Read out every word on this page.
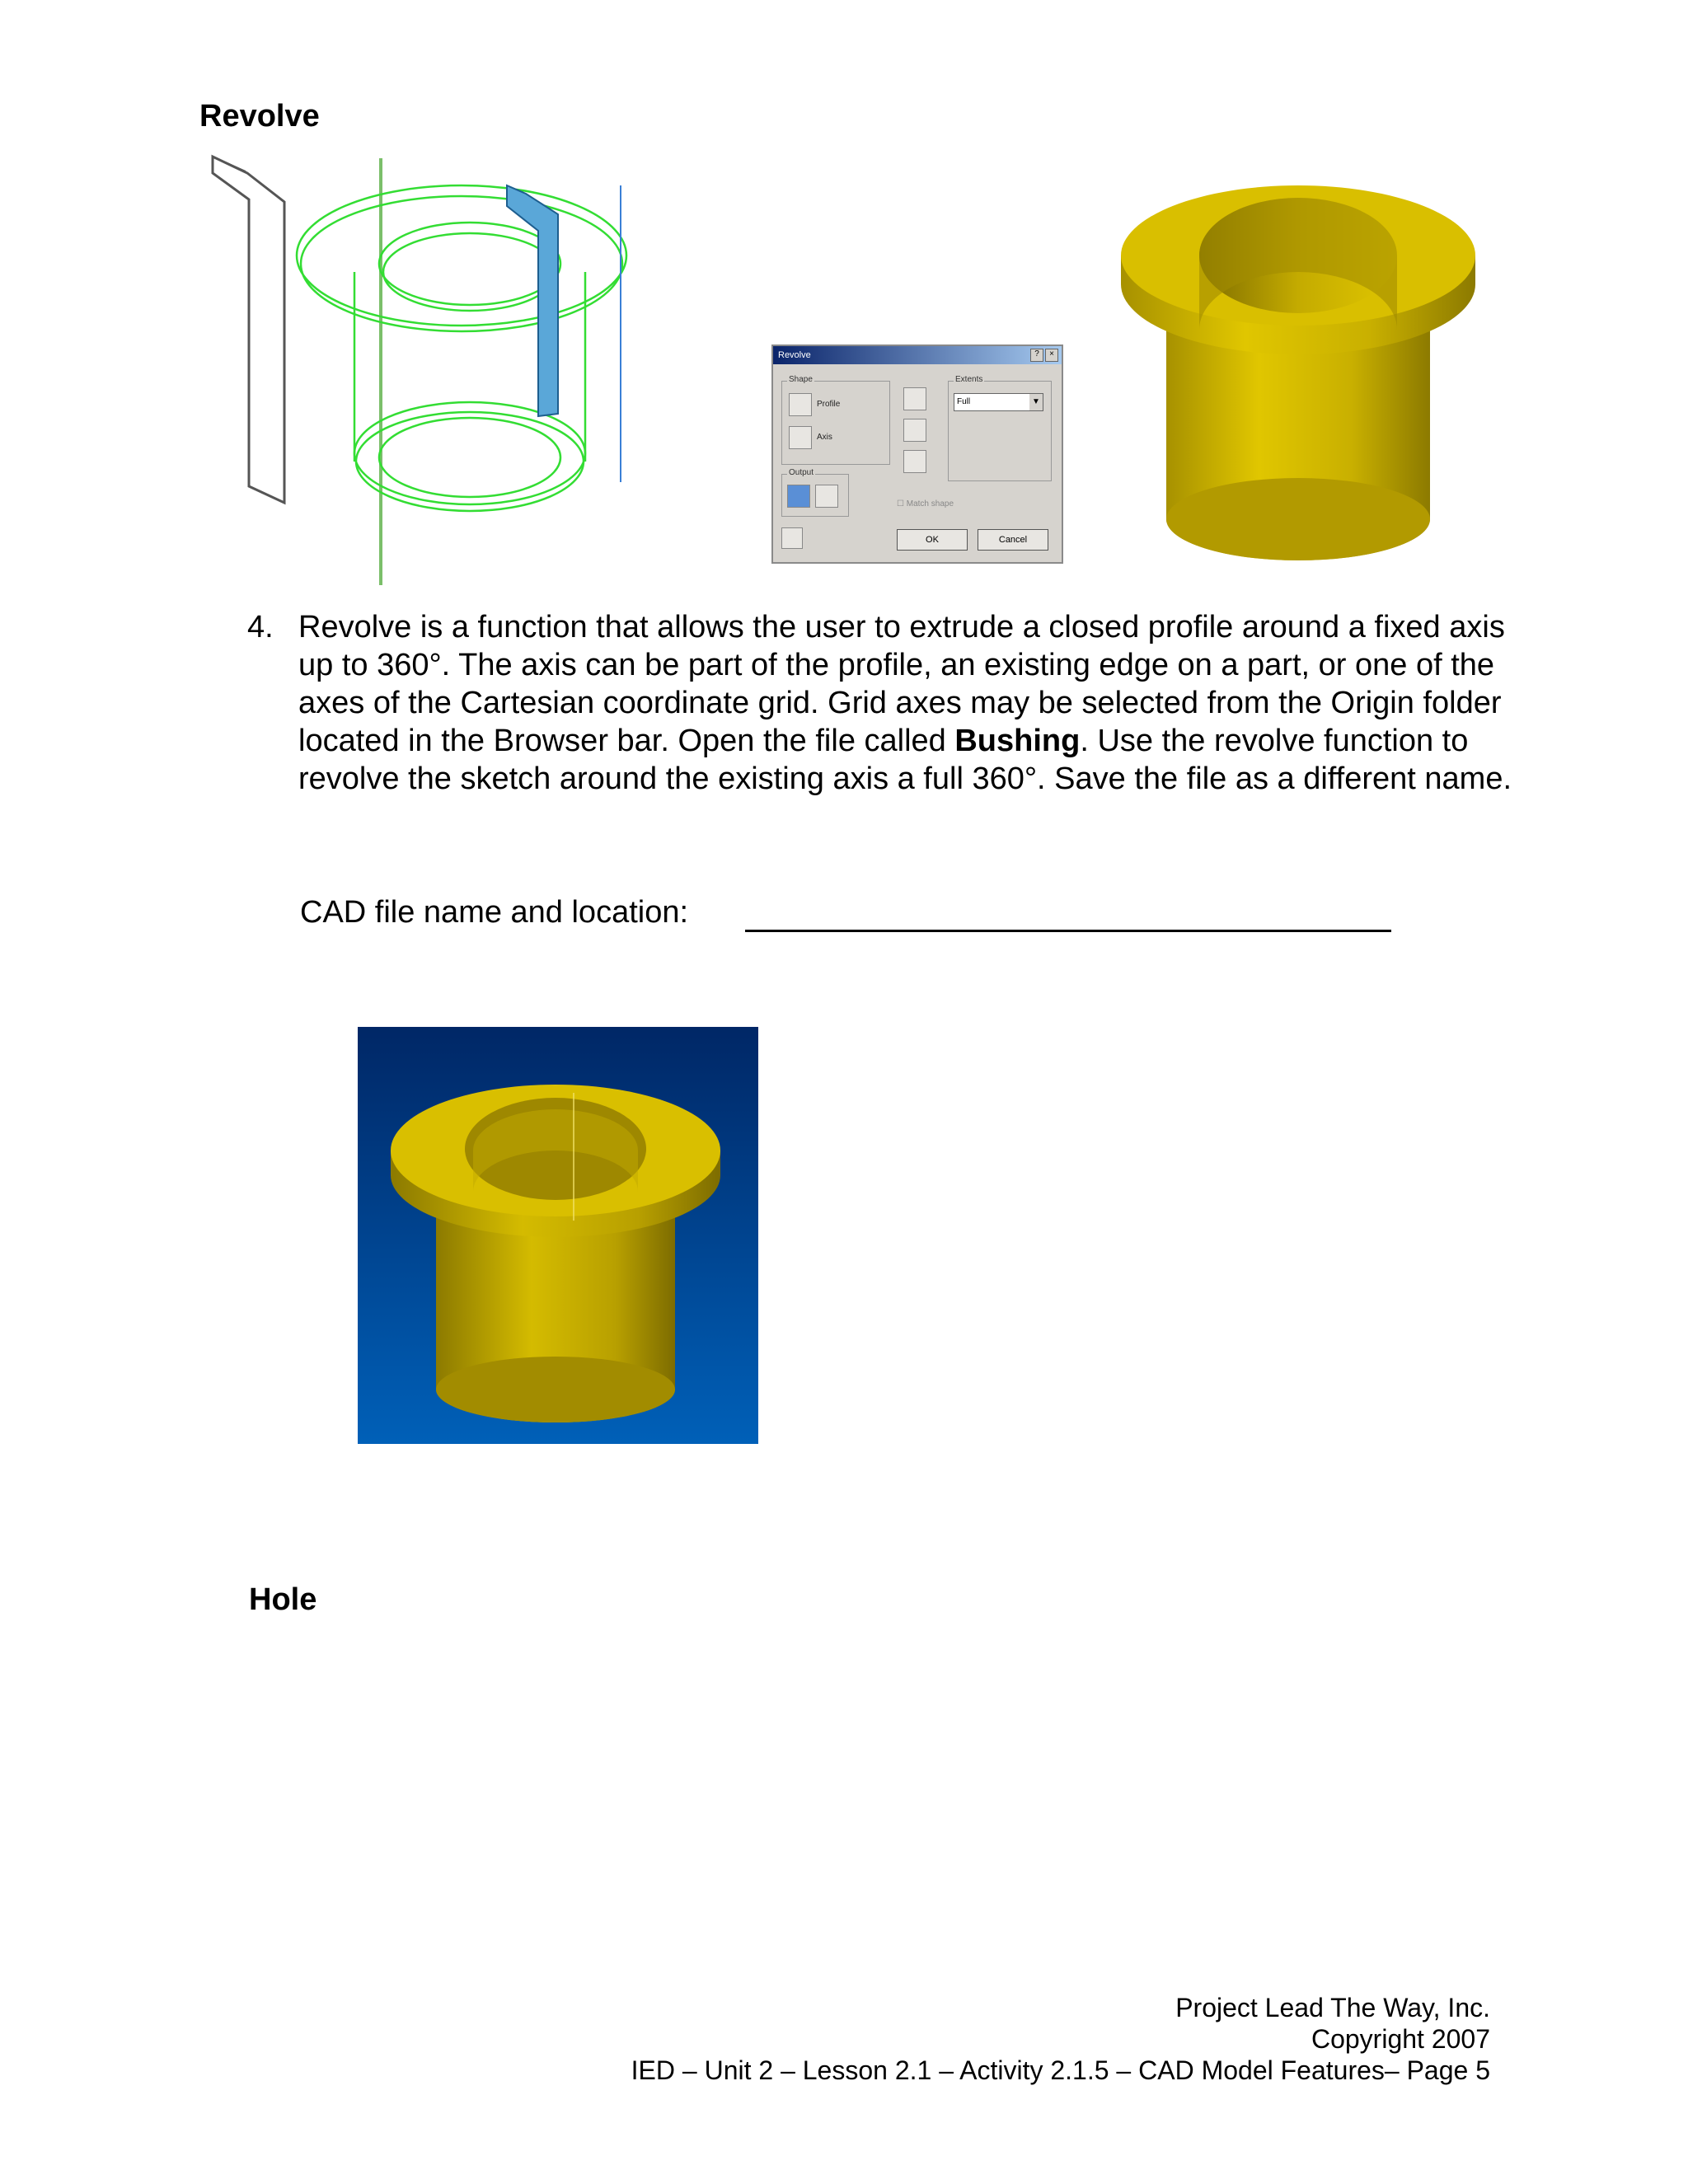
Revolve
Revolve	?	×
Shape
Profile
Axis
Output
Extents
Full	▼
☐ Match shape
OK	Cancel
4. Revolve is a function that allows the user to extrude a closed profile around a fixed axis up to 360°. The axis can be part of the profile, an existing edge on a part, or one of the axes of the Cartesian coordinate grid. Grid axes may be selected from the Origin folder located in the Browser bar. Open the file called Bushing. Use the revolve function to revolve the sketch around the existing axis a full 360°. Save the file as a different name.
CAD file name and location:
Hole
Project Lead The Way, Inc.
Copyright 2007
IED – Unit 2 – Lesson 2.1 – Activity 2.1.5 – CAD Model Features– Page 5
